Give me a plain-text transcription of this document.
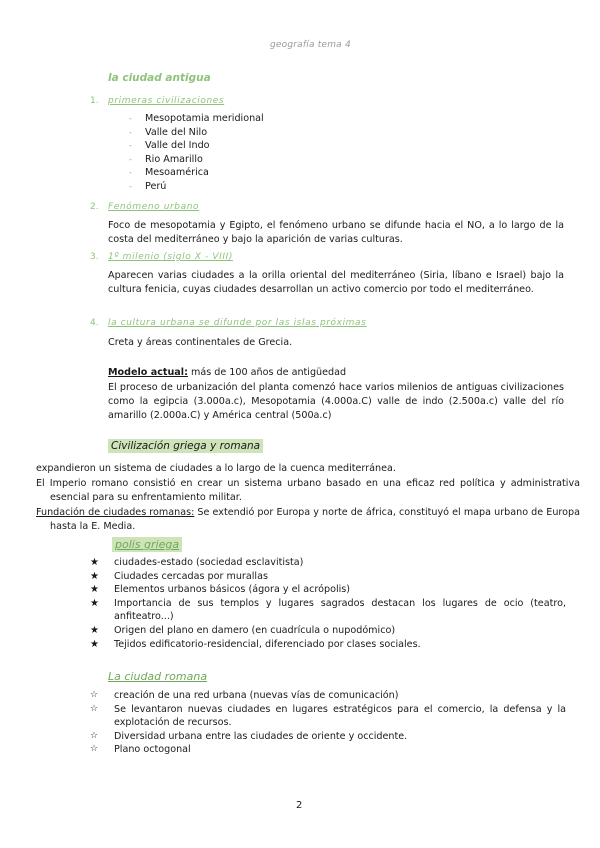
geografía tema 4
la ciudad antigua
1. primeras civilizaciones
- Mesopotamia meridional
- Valle del Nilo
- Valle del Indo
- Rio Amarillo
- Mesoamérica
- Perú
2. Fenómeno urbano
Foco de mesopotamia y Egipto, el fenómeno urbano se difunde hacia el NO, a lo largo de la costa del mediterráneo y bajo la aparición de varias culturas.
3. 1º milenio (siglo X - VIII)
Aparecen varias ciudades a la orilla oriental del mediterráneo (Siria, líbano e Israel) bajo la cultura fenicia, cuyas ciudades desarrollan un activo comercio por todo el mediterráneo.
4. la cultura urbana se difunde por las islas próximas
Creta y áreas continentales de Grecia.
Modelo actual: más de 100 años de antigüedad
El proceso de urbanización del planta comenzó hace varios milenios de antiguas civilizaciones como la egipcia (3.000a.c), Mesopotamia (4.000a.C) valle de indo (2.500a.c) valle del río amarillo (2.000a.C) y América central (500a.c)
Civilización griega y romana
expandieron un sistema de ciudades a lo largo de la cuenca mediterránea.
El Imperio romano consistió en crear un sistema urbano basado en una eficaz red política y administrativa esencial para su enfrentamiento militar.
Fundación de ciudades romanas: Se extendió por Europa y norte de áfrica, constituyó el mapa urbano de Europa hasta la E. Media.
polis griega
★ ciudades-estado (sociedad esclavitista)
★ Ciudades cercadas por murallas
★ Elementos urbanos básicos (ágora y el acrópolis)
★ Importancia de sus templos y lugares sagrados destacan los lugares de ocio (teatro, anfiteatro...)
★ Origen del plano en damero (en cuadrícula o nupodómico)
★ Tejidos edificatorio-residencial, diferenciado por clases sociales.
La ciudad romana
☆ creación de una red urbana (nuevas vías de comunicación)
☆ Se levantaron nuevas ciudades en lugares estratégicos para el comercio, la defensa y la explotación de recursos.
☆ Diversidad urbana entre las ciudades de oriente y occidente.
☆ Plano octogonal
2
